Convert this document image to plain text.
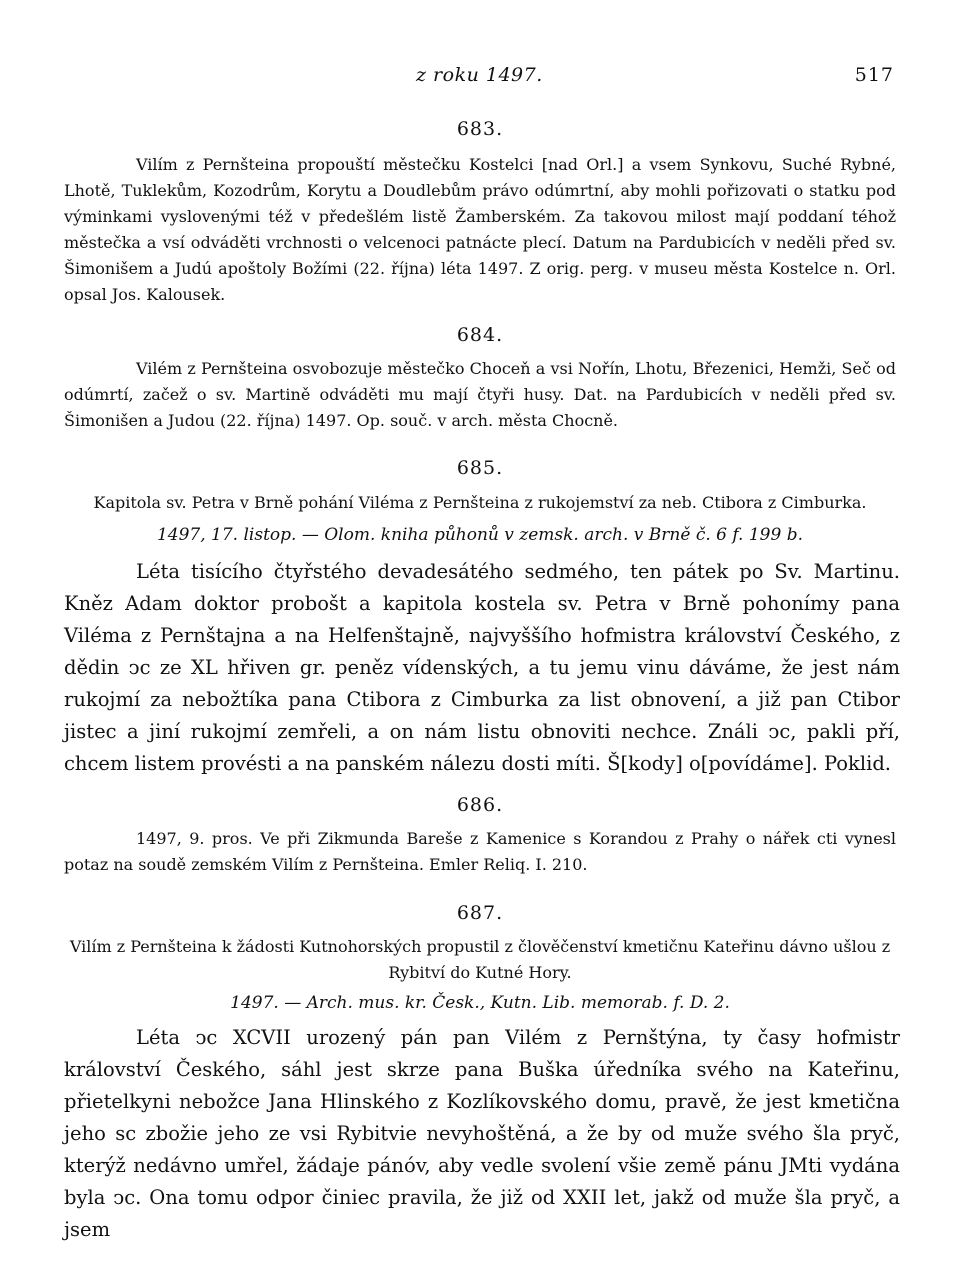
z roku 1497.	517
683.
Vilím z Pernšteina propouští městečku Kostelci [nad Orl.] a vsem Synkovu, Suché Rybné, Lhotě, Tuklekům, Kozodrům, Korytu a Doudlebům právo odúmrtní, aby mohli pořizovati o statku pod výminkami vyslovenými též v předešlém listě Žamberském. Za takovou milost mají poddaní téhož městečka a vsí odváděti vrchnosti o velcenoci patnácte plecí. Datum na Pardubicích v neděli před sv. Šimonišem a Judú apoštoly Božími (22. října) léta 1497. Z orig. perg. v museu města Kostelce n. Orl. opsal Jos. Kalousek.
684.
Vilém z Pernšteina osvobozuje městečko Choceň a vsi Nořín, Lhotu, Březenici, Hemži, Seč od odúmrtí, začež o sv. Martině odváděti mu mají čtyři husy. Dat. na Pardubicích v neděli před sv. Šimonišen a Judou (22. října) 1497. Op. souč. v arch. města Chocně.
685.
Kapitola sv. Petra v Brně pohání Viléma z Pernšteina z rukojemství za neb. Ctibora z Cimburka.
1497, 17. listop. — Olom. kniha půhonů v zemsk. arch. v Brně č. 6 f. 199 b.
Léta tisícího čtyřstého devadesátého sedmého, ten pátek po Sv. Martinu. Kněz Adam doktor probošt a kapitola kostela sv. Petra v Brně pohonímy pana Viléma z Pernštajna a na Helfenštajně, najvyššího hofmistra království Českého, z dědin ͻc ze XL hřiven gr. peněz vídenských, a tu jemu vinu dáváme, že jest nám rukojmí za nebožtíka pana Ctibora z Cimburka za list obnovení, a již pan Ctibor jistec a jiní rukojmí zemřeli, a on nám listu obnoviti nechce. Ználi ͻc, pakli pří, chcem listem provésti a na panském nálezu dosti míti. Š[kody] o[povídáme]. Poklid.
686.
1497, 9. pros. Ve při Zikmunda Bareše z Kamenice s Korandou z Prahy o nářek cti vynesl potaz na soudě zemském Vilím z Pernšteina. Emler Reliq. I. 210.
687.
Vilím z Pernšteina k žádosti Kutnohorských propustil z člověčenství kmetičnu Kateřinu dávno ušlou z Rybitví do Kutné Hory.
1497. — Arch. mus. kr. Česk., Kutn. Lib. memorab. f. D. 2.
Léta ͻc XCVII urozený pán pan Vilém z Pernštýna, ty časy hofmistr království Českého, sáhl jest skrze pana Buška úředníka svého na Kateřinu, přietelkyni nebožce Jana Hlinského z Kozlíkovského domu, pravě, že jest kmetična jeho sc zbožie jeho ze vsi Rybitvie nevyhoštěná, a že by od muže svého šla pryč, kterýž nedávno umřel, žádaje pánóv, aby vedle svolení všie země pánu JMti vydána byla ͻc. Ona tomu odpor činiec pravila, že již od XXII let, jakž od muže šla pryč, a jsem
